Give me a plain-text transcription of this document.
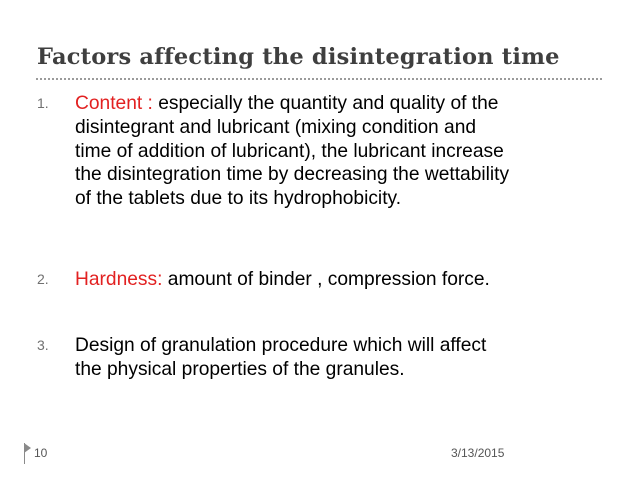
Factors affecting the disintegration time
1. Content : especially the quantity and quality of the
disintegrant and lubricant (mixing condition and
time of addition of lubricant), the lubricant increase
the disintegration time by decreasing the wettability
of the tablets due to its hydrophobicity.
2. Hardness: amount of binder , compression force.
3. Design of granulation procedure which will affect
the physical properties of the granules.
10	3/13/2015
